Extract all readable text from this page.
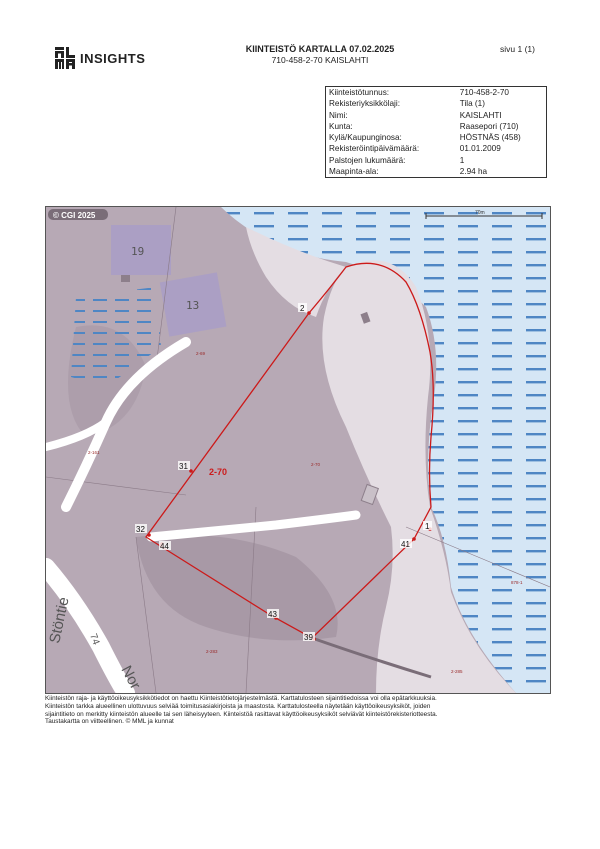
INSIGHTS
KIINTEISTÖ KARTALLA 07.02.2025
710-458-2-70 KAISLAHTI
sivu 1 (1)
Kiinteistötunnus:	710-458-2-70
Rekisteriyksikkölaji:	Tila (1)
Nimi:	KAISLAHTI
Kunta:	Raasepori (710)
Kylä/Kaupunginosa:	HÖSTNÄS (458)
Rekisteröintipäivämäärä:	01.01.2009
Palstojen lukumäärä:	1
Maapinta-ala:	2.94 ha
2
31
32
44
43
39
41
1
2-70
19
13
2-69
2-161
2-70
878-1
2-283
2-285
Stöntie
Nor
74
© CGI 2025	70m
Kiinteistön raja- ja käyttöoikeusyksikkötiedot on haettu Kiinteistötietojärjestelmästä. Karttatulosteen sijaintitiedoissa voi olla epätarkkuuksia.
Kiinteistön tarkka alueellinen ulottuvuus selviää toimitusasiakirjoista ja maastosta. Karttatulosteella näytetään käyttöoikeusyksiköt, joiden
sijaintitieto on merkitty kiinteistön alueelle tai sen läheisyyteen. Kiinteistöä rasittavat käyttöoikeusyksiköt selviävät kiinteistörekisteriotteesta.
Taustakartta on viitteellinen. © MML ja kunnat
